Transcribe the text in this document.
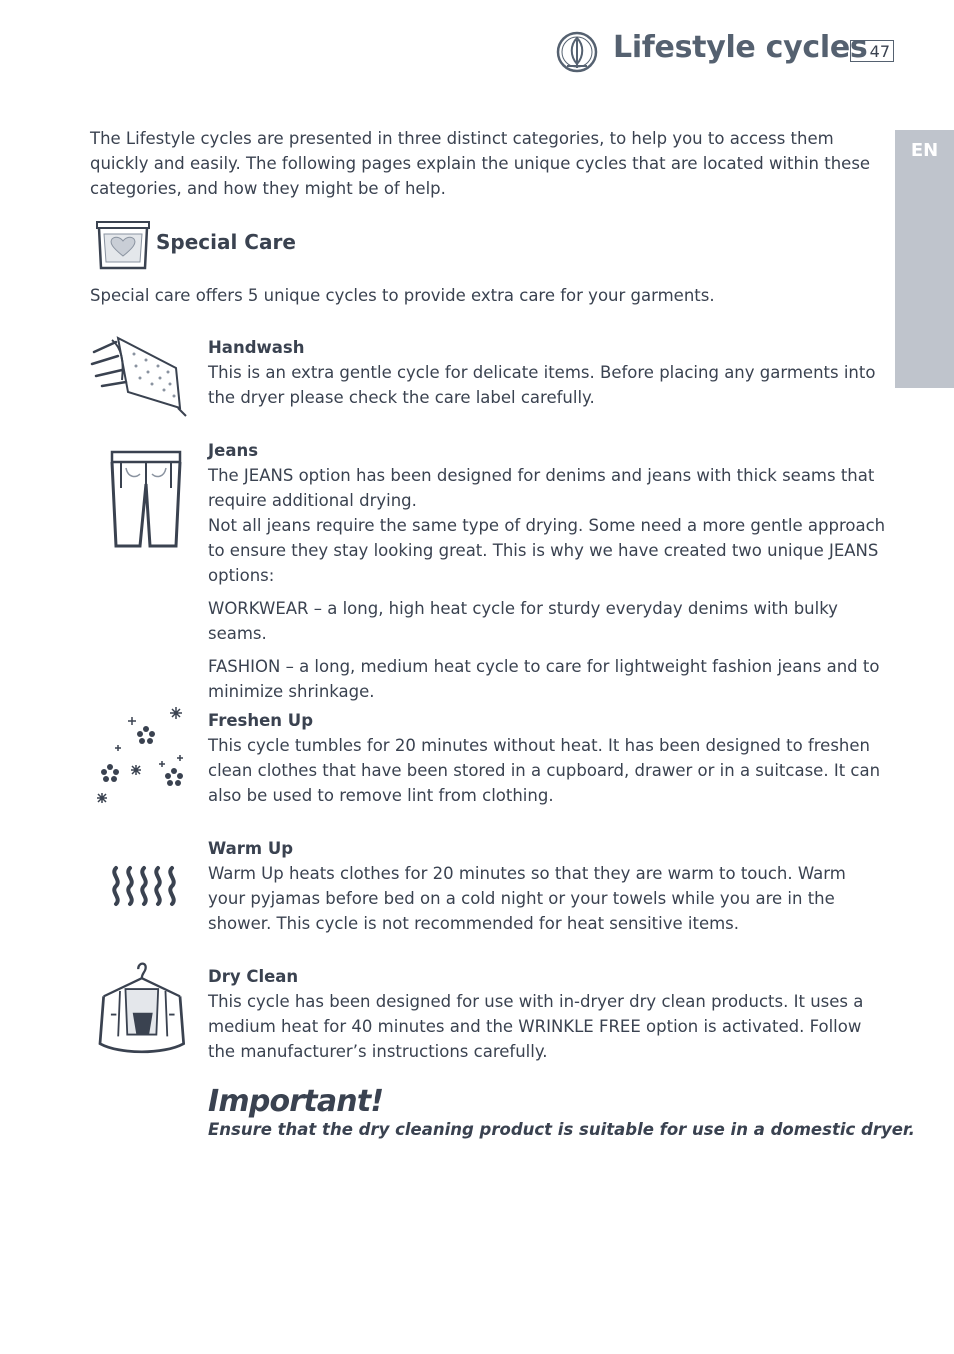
Lifestyle cycles 47
EN
The Lifestyle cycles are presented in three distinct categories, to help you to access them quickly and easily. The following pages explain the unique cycles that are located within these categories, and how they might be of help.
Special Care
Special care offers 5 unique cycles to provide extra care for your garments.
Handwash

This is an extra gentle cycle for delicate items. Before placing any garments into the dryer please check the care label carefully.

Jeans

The JEANS option has been designed for denims and jeans with thick seams that require additional drying.

Not all jeans require the same type of drying. Some need a more gentle approach to ensure they stay looking great. This is why we have created two unique JEANS options:

WORKWEAR – a long, high heat cycle for sturdy everyday denims with bulky seams.

FASHION – a long, medium heat cycle to care for lightweight fashion jeans and to minimize shrinkage.

Freshen Up

This cycle tumbles for 20 minutes without heat. It has been designed to freshen clean clothes that have been stored in a cupboard, drawer or in a suitcase. It can also be used to remove lint from clothing.

Warm Up

Warm Up heats clothes for 20 minutes so that they are warm to touch. Warm your pyjamas before bed on a cold night or your towels while you are in the shower. This cycle is not recommended for heat sensitive items.

Dry Clean

This cycle has been designed for use with in-dryer dry clean products. It uses a medium heat for 40 minutes and the WRINKLE FREE option is activated. Follow the manufacturer’s instructions carefully.

Important!
Ensure that the dry cleaning product is suitable for use in a domestic dryer.
